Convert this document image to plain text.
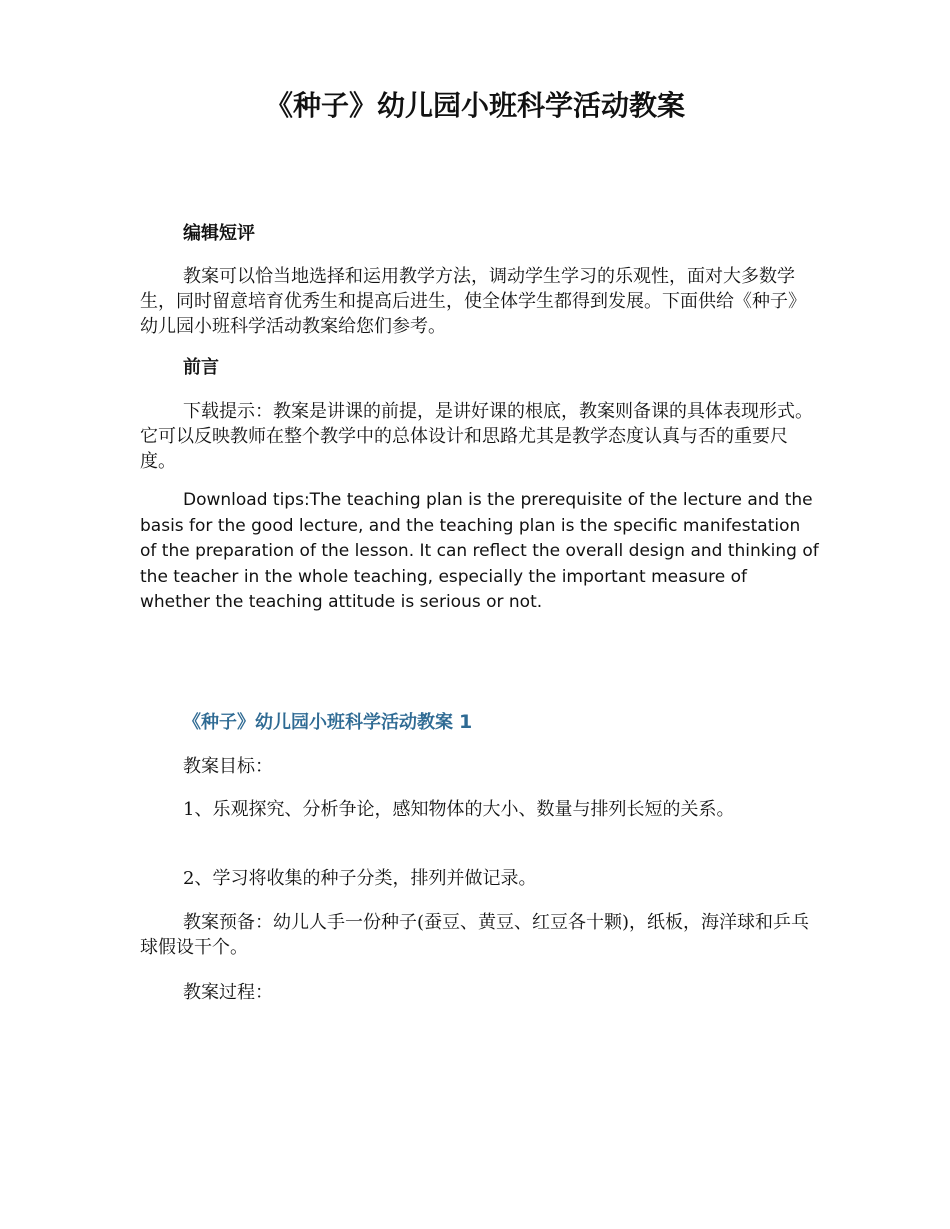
《种子》幼儿园小班科学活动教案
编辑短评

教案可以恰当地选择和运用教学方法，调动学生学习的乐观性，面对大多数学生，同时留意培育优秀生和提高后进生，使全体学生都得到发展。下面供给《种子》幼儿园小班科学活动教案给您们参考。

前言

下载提示：教案是讲课的前提，是讲好课的根底，教案则备课的具体表现形式。它可以反映教师在整个教学中的总体设计和思路尤其是教学态度认真与否的重要尺度。

Download tips:The teaching plan is the prerequisite of the lecture and the basis for the good lecture, and the teaching plan is the specific manifestation of the preparation of the lesson. It can reflect the overall design and thinking of the teacher in the whole teaching, especially the important measure of whether the teaching attitude is serious or not.

《种子》幼儿园小班科学活动教案 1

教案目标：

1、乐观探究、分析争论，感知物体的大小、数量与排列长短的关系。

2、学习将收集的种子分类，排列并做记录。

教案预备：幼儿人手一份种子(蚕豆、黄豆、红豆各十颗)，纸板，海洋球和乒乓球假设干个。

教案过程：
